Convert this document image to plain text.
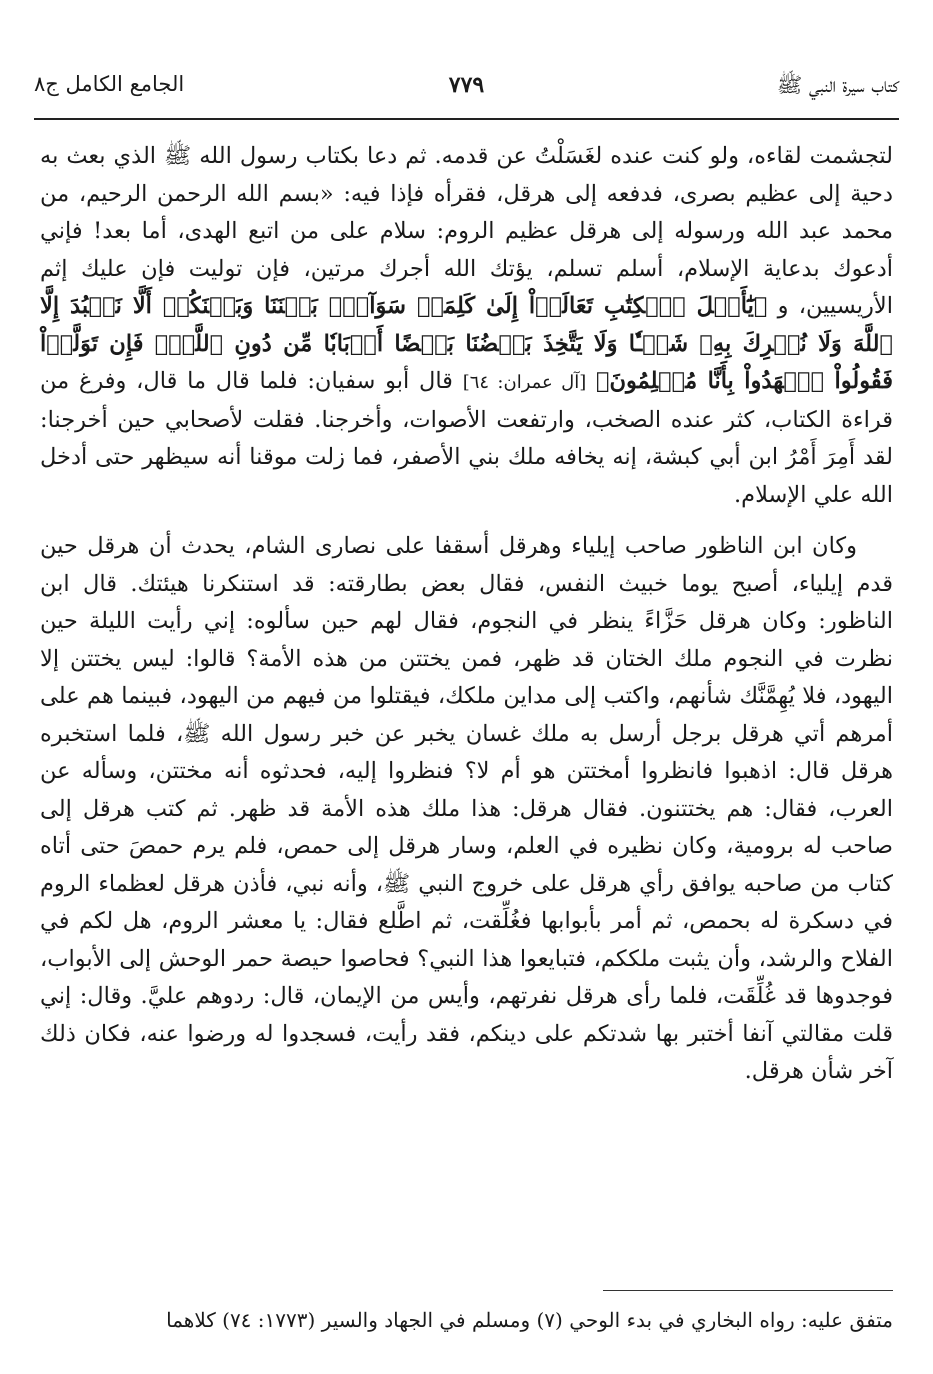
كتاب سيرة النبي ﷺ
٧٧٩
الجامع الكامل ج٨

لتجشمت لقاءه، ولو كنت عنده لغَسَلْتُ عن قدمه. ثم دعا بكتاب رسول الله ﷺ الذي بعث به دحية إلى عظيم بصرى، فدفعه إلى هرقل، فقرأه فإذا فيه: «بسم الله الرحمن الرحيم، من محمد عبد الله ورسوله إلى هرقل عظيم الروم: سلام على من اتبع الهدى، أما بعد! فإني أدعوك بدعاية الإسلام، أسلم تسلم، يؤتك الله أجرك مرتين، فإن توليت فإن عليك إثم الأريسيين، و ﴿يَٰٓأَهۡلَ ٱلۡكِتَٰبِ تَعَالَوۡاْ إِلَىٰ كَلِمَةٖ سَوَآءِۭ بَيۡنَنَا وَبَيۡنَكُمۡ أَلَّا نَعۡبُدَ إِلَّا ٱللَّهَ وَلَا نُشۡرِكَ بِهِۦ شَيۡـٔٗا وَلَا يَتَّخِذَ بَعۡضُنَا بَعۡضًا أَرۡبَابٗا مِّن دُونِ ٱللَّهِۚ فَإِن تَوَلَّوۡاْ فَقُولُواْ ٱشۡهَدُواْ بِأَنَّا مُسۡلِمُونَ﴾ [آل عمران: ٦٤] قال أبو سفيان: فلما قال ما قال، وفرغ من قراءة الكتاب، كثر عنده الصخب، وارتفعت الأصوات، وأخرجنا. فقلت لأصحابي حين أخرجنا: لقد أَمِرَ أَمْرُ ابن أبي كبشة، إنه يخافه ملك بني الأصفر، فما زلت موقنا أنه سيظهر حتى أدخل الله علي الإسلام.

وكان ابن الناظور صاحب إيلياء وهرقل أسقفا على نصارى الشام، يحدث أن هرقل حين قدم إيلياء، أصبح يوما خبيث النفس، فقال بعض بطارقته: قد استنكرنا هيئتك. قال ابن الناظور: وكان هرقل حَزَّاءً ينظر في النجوم، فقال لهم حين سألوه: إني رأيت الليلة حين نظرت في النجوم ملك الختان قد ظهر، فمن يختتن من هذه الأمة؟ قالوا: ليس يختتن إلا اليهود، فلا يُهِمَّنَّك شأنهم، واكتب إلى مداين ملكك، فيقتلوا من فيهم من اليهود، فبينما هم على أمرهم أتي هرقل برجل أرسل به ملك غسان يخبر عن خبر رسول الله ﷺ، فلما استخبره هرقل قال: اذهبوا فانظروا أمختتن هو أم لا؟ فنظروا إليه، فحدثوه أنه مختتن، وسأله عن العرب، فقال: هم يختتنون. فقال هرقل: هذا ملك هذه الأمة قد ظهر. ثم كتب هرقل إلى صاحب له برومية، وكان نظيره في العلم، وسار هرقل إلى حمص، فلم يرم حمصَ حتى أتاه كتاب من صاحبه يوافق رأي هرقل على خروج النبي ﷺ، وأنه نبي، فأذن هرقل لعظماء الروم في دسكرة له بحمص، ثم أمر بأبوابها فغُلِّقت، ثم اطَّلع فقال: يا معشر الروم، هل لكم في الفلاح والرشد، وأن يثبت ملككم، فتبايعوا هذا النبي؟ فحاصوا حيصة حمر الوحش إلى الأبواب، فوجدوها قد غُلِّقَت، فلما رأى هرقل نفرتهم، وأيس من الإيمان، قال: ردوهم عليَّ. وقال: إني قلت مقالتي آنفا أختبر بها شدتكم على دينكم، فقد رأيت، فسجدوا له ورضوا عنه، فكان ذلك آخر شأن هرقل.

متفق عليه: رواه البخاري في بدء الوحي (٧) ومسلم في الجهاد والسير (١٧٧٣: ٧٤) كلاهما
